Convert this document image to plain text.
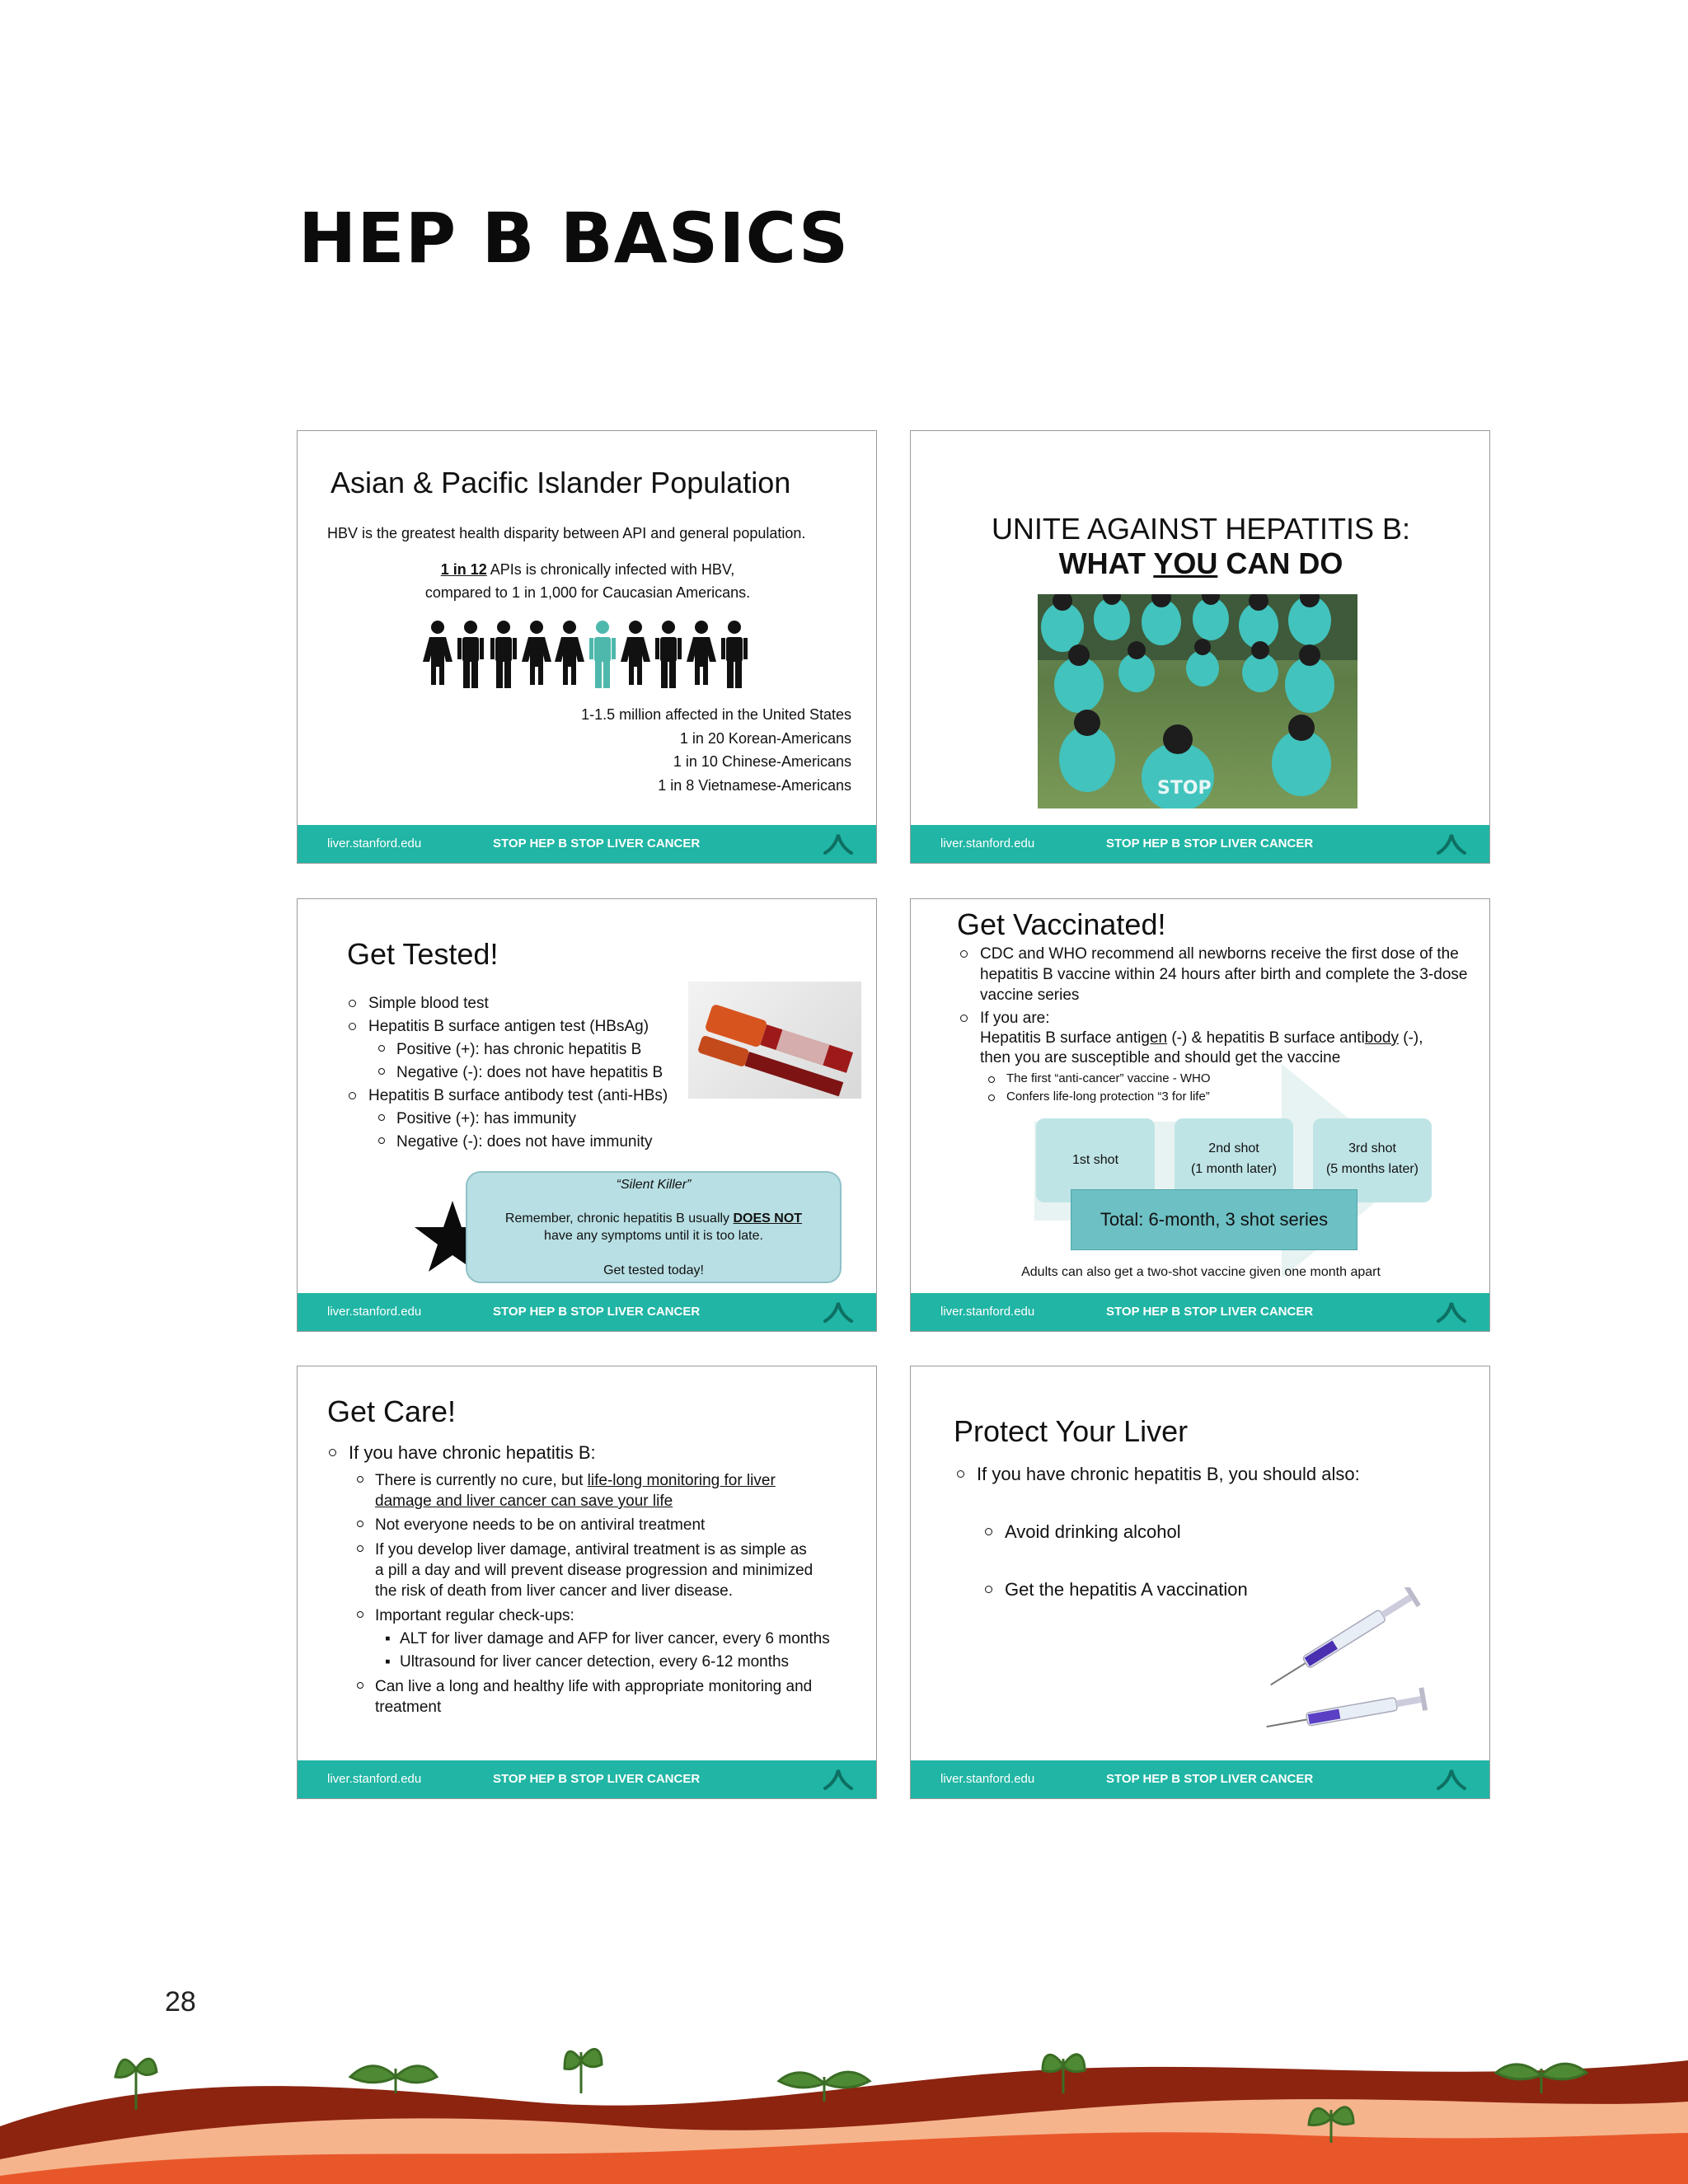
HEP B BASICS
Asian & Pacific Islander Population
HBV is the greatest health disparity between API and general population.
1 in 12 APIs is chronically infected with HBV,
compared to 1 in 1,000 for Caucasian Americans.
1-1.5 million affected in the United States
1 in 20 Korean-Americans
1 in 10 Chinese-Americans
1 in 8 Vietnamese-Americans
liver.stanford.edu	STOP HEP B STOP LIVER CANCER
UNITE AGAINST HEPATITIS B:
WHAT YOU CAN DO
STOP
liver.stanford.edu	STOP HEP B STOP LIVER CANCER
Get Tested!
Simple blood test
Hepatitis B surface antigen test (HBsAg)
Positive (+): has chronic hepatitis B
Negative (-): does not have hepatitis B
Hepatitis B surface antibody test (anti-HBs)
Positive (+): has immunity
Negative (-): does not have immunity
“Silent Killer”
Remember, chronic hepatitis B usually DOES NOT
have any symptoms until it is too late.
Get tested today!
liver.stanford.edu	STOP HEP B STOP LIVER CANCER
Get Vaccinated!
CDC and WHO recommend all newborns receive the first dose of the hepatitis B vaccine within 24 hours after birth and complete the 3-dose vaccine series
If you are:
Hepatitis B surface antigen (-) & hepatitis B surface antibody (-),
then you are susceptible and should get the vaccine
The first “anti-cancer” vaccine - WHO
Confers life-long protection “3 for life”
1st shot
2nd shot
(1 month later)
3rd shot
(5 months later)
Total: 6-month, 3 shot series
Adults can also get a two-shot vaccine given one month apart
liver.stanford.edu	STOP HEP B STOP LIVER CANCER
Get Care!
If you have chronic hepatitis B:
There is currently no cure, but life-long monitoring for liver
damage and liver cancer can save your life
Not everyone needs to be on antiviral treatment
If you develop liver damage, antiviral treatment is as simple as
a pill a day and will prevent disease progression and minimized
the risk of death from liver cancer and liver disease.
Important regular check-ups:
▪ ALT for liver damage and AFP for liver cancer, every 6 months
▪ Ultrasound for liver cancer detection, every 6-12 months
Can live a long and healthy life with appropriate monitoring and
treatment
liver.stanford.edu	STOP HEP B STOP LIVER CANCER
Protect Your Liver
If you have chronic hepatitis B, you should also:
Avoid drinking alcohol
Get the hepatitis A vaccination
liver.stanford.edu	STOP HEP B STOP LIVER CANCER
28
